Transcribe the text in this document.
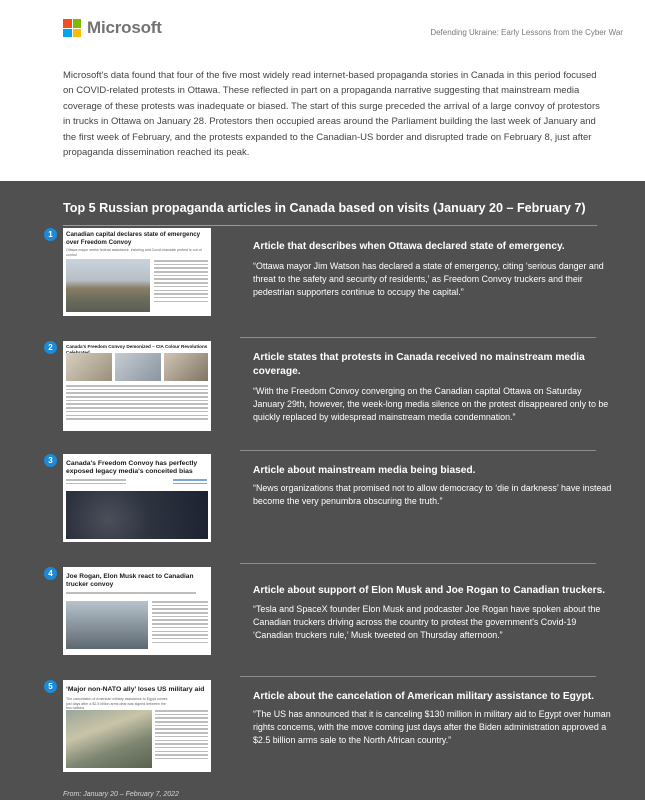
Microsoft	Defending Ukraine: Early Lessons from the Cyber War

Microsoft's data found that four of the five most widely read internet-based propaganda stories in Canada in this period focused on COVID-related protests in Ottawa. These reflected in part on a propaganda narrative suggesting that mainstream media coverage of these protests was inadequate or biased. The start of this surge preceded the arrival of a large convoy of protestors in trucks in Ottawa on January 28. Protestors then occupied areas around the Parliament building the last week of January and the first week of February, and the protests expanded to the Canadian-US border and disrupted trade on February 8, just after propaganda dissemination reached its peak.

Top 5 Russian propaganda articles in Canada based on visits (January 20 – February 7)
1	Canadian capital declares state of emergency over Freedom Convoy
Ottawa mayor seeks federal assistance, insisting anti-Covid-mandate protest is out of control
Article that describes when Ottawa declared state of emergency.
“Ottawa mayor Jim Watson has declared a state of emergency, citing ‘serious danger and threat to the safety and security of residents,’ as Freedom Convoy truckers and their pedestrian supporters continue to occupy the capital.”
2	Canada's Freedom Convoy Demonized – CIA Colour Revolutions
Article states that protests in Canada received no mainstream media coverage.
“With the Freedom Convoy converging on the Canadian capital Ottawa on Saturday January 29th, however, the week-long media silence on the protest disappeared only to be quickly replaced by widespread mainstream media condemnation.”
3	Canada's Freedom Convoy has perfectly exposed legacy media's conceited bias	Article about mainstream media being biased.
“News organizations that promised not to allow democracy to ‘die in darkness’ have instead become the very penumbra obscuring the truth.”
4	Joe Rogan, Elon Musk react to Canadian trucker convoy
Article about support of Elon Musk and Joe Rogan to Canadian truckers.
“Tesla and SpaceX founder Elon Musk and podcaster Joe Rogan have spoken about the Canadian truckers driving across the country to protest the government's Covid-19 ‘Canadian truckers rule,’ Musk tweeted on Thursday afternoon.”
5	‘Major non-NATO ally’ loses US military aid
The cancelation of American military assistance to Egypt comes just days after a $2.5 billion arms deal was signed between the two nations
Article about the cancelation of American military assistance to Egypt.
“The US has announced that it is canceling $130 million in military aid to Egypt over human rights concerns, with the move coming just days after the Biden administration approved a $2.5 billion arms sale to the North African country.”
From: January 20 – February 7, 2022
